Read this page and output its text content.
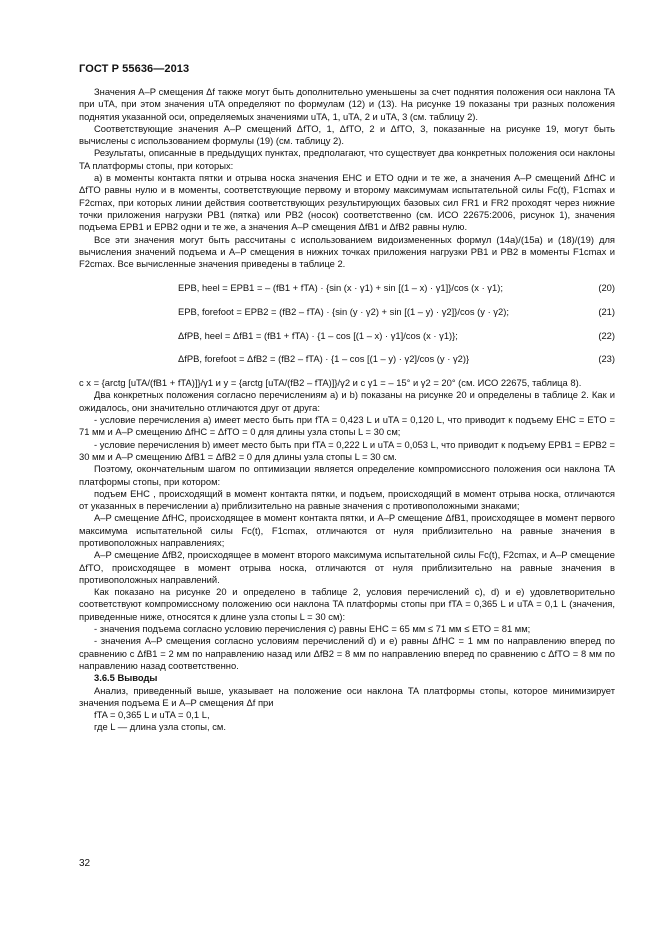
ГОСТ Р 55636—2013

Значения A–P смещения Δf также могут быть дополнительно уменьшены за счет поднятия положения оси наклона TA при uTA, при этом значения uTA определяют по формулам (12) и (13). На рисунке 19 показаны три разных положения поднятия указанной оси, определяемых значениями uTA, 1, uTA, 2 и uTA, 3 (см. таблицу 2).

Соответствующие значения A–P смещений ΔfTO, 1, ΔfTO, 2 и ΔfTO, 3, показанные на рисунке 19, могут быть вычислены с использованием формулы (19) (см. таблицу 2).

Результаты, описанные в предыдущих пунктах, предполагают, что существует два конкретных положения оси наклоны TA платформы стопы, при которых:

а) в моменты контакта пятки и отрыва носка значения EHC и ETO одни и те же, а значения A–P смещений ΔfHC и ΔfTO равны нулю и в моменты, соответствующие первому и второму максимумам испытательной силы Fc(t), F1cmax и F2cmax, при которых линии действия соответствующих результирующих базовых сил FR1 и FR2 проходят через нижние точки приложения нагрузки PB1 (пятка) или PB2 (носок) соответственно (см. ИСО 22675:2006, рисунок 1), значения подъема EPB1 и EPB2 одни и те же, а значения A–P смещения ΔfB1 и ΔfB2 равны нулю.

Все эти значения могут быть рассчитаны с использованием видоизмененных формул (14а)/(15а) и (18)/(19) для вычисления значений подъема и А–Р смещения в нижних точках приложения нагрузки PB1 и PB2 в моменты F1cmax и F2cmax. Все вычисленные значения приведены в таблице 2.

EPB, heel = EPB1 = – (fB1 + fTA) · {sin (x · γ1) + sin [(1 – x) · γ1]}/cos (x · γ1);	(20)
EPB, forefoot = EPB2 = (fB2 – fTA) · {sin (y · γ2) + sin [(1 – y) · γ2]}/cos (y · γ2);	(21)
ΔfPB, heel = ΔfB1 = (fB1 + fTA) · {1 – cos [(1 – x) · γ1]/cos (x · γ1)};	(22)
ΔfPB, forefoot = ΔfB2 = (fB2 – fTA) · {1 – cos [(1 – y) · γ2]/cos (y · γ2)}	(23)

с x = {arctg [uTA/(fB1 + fTA)]}/γ1 и y = {arctg [uTA/(fB2 – fTA)]}/γ2 и с γ1 = – 15° и γ2 = 20° (см. ИСО 22675, таблица 8).

Два конкретных положения согласно перечислениям а) и b) показаны на рисунке 20 и определены в таблице 2. Как и ожидалось, они значительно отличаются друг от друга:

- условие перечисления а) имеет место быть при fTA = 0,423 L и uTA = 0,120 L, что приводит к подъему EHC = ETO = 71 мм и A–P смещению ΔfHC = ΔfTO = 0 для длины узла стопы L = 30 см;

- условие перечисления b) имеет место быть при fTA = 0,222 L и uTA = 0,053 L, что приводит к подъему EPB1 = EPB2 = 30 мм и A–P смещению ΔfB1 = ΔfB2 = 0 для длины узла стопы L = 30 см.

Поэтому, окончательным шагом по оптимизации является определение компромиссного положения оси наклона TA платформы стопы, при котором:

подъем EHC , происходящий в момент контакта пятки, и подъем, происходящий в момент отрыва носка, отличаются от указанных в перечислении а) приблизительно на равные значения с противоположными знаками;

A–P смещение ΔfHC, происходящее в момент контакта пятки, и A–P смещение ΔfB1, происходящее в момент первого максимума испытательной силы Fc(t), F1cmax, отличаются от нуля приблизительно на равные значения в противоположных направлениях;

A–P смещение ΔfB2, происходящее в момент второго максимума испытательной силы Fc(t), F2cmax, и A–P смещение ΔfTO, происходящее в момент отрыва носка, отличаются от нуля приблизительно на равные значения в противоположных направлений.

Как показано на рисунке 20 и определено в таблице 2, условия перечислений с), d) и е) удовлетворительно соответствуют компромиссному положению оси наклона TA платформы стопы при fTA = 0,365 L и uTA = 0,1 L (значения, приведенные ниже, относятся к длине узла стопы L = 30 см):

- значения подъема согласно условию перечисления с) равны EHC = 65 мм ≤ 71 мм ≤ ETO = 81 мм;

- значения A–P смещения согласно условиям перечислений d) и е) равны ΔfHC = 1 мм по направлению вперед по сравнению с ΔfB1 = 2 мм по направлению назад или ΔfB2 = 8 мм по направлению вперед по сравнению с ΔfTO = 8 мм по направлению назад соответственно.

3.6.5 Выводы

Анализ, приведенный выше, указывает на положение оси наклона TA платформы стопы, которое минимизирует значения подъема E и A–P смещения Δf при

fTA = 0,365 L и uTA = 0,1 L,

где L — длина узла стопы, см.

32
